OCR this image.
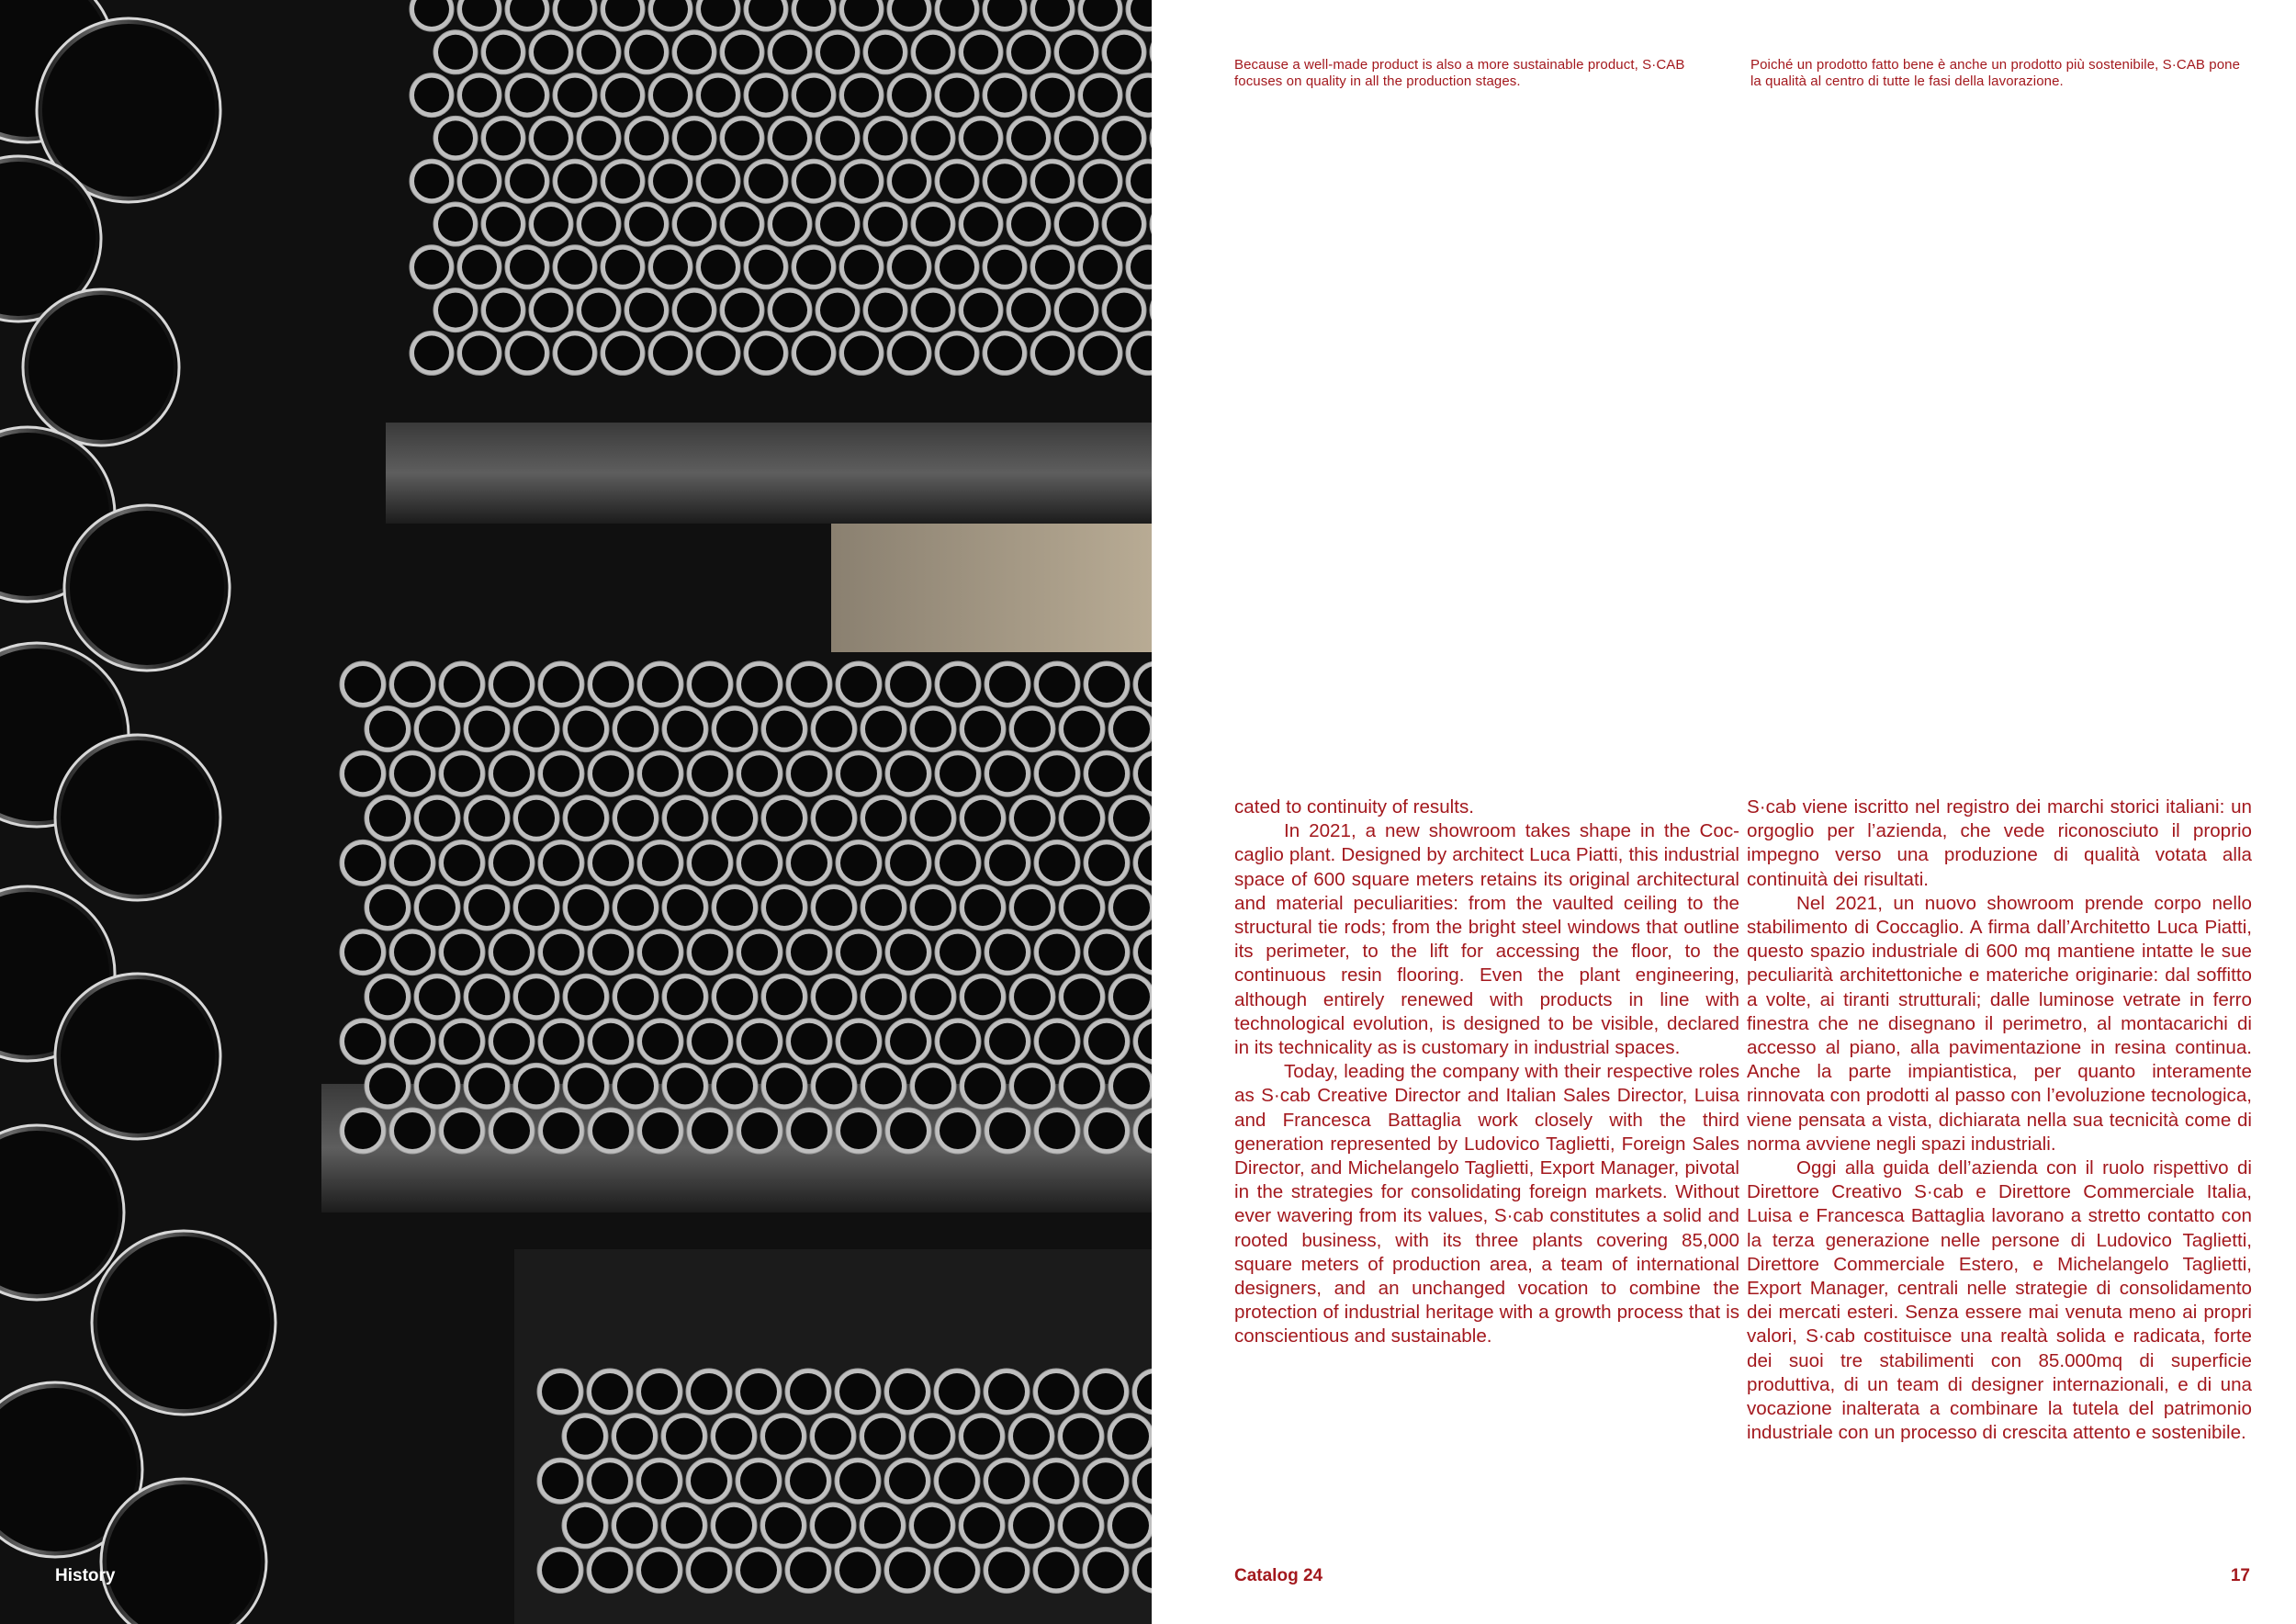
History

Because a well-made product is also a more sustainable product, S·CAB focuses on quality in all the production stages.

Poiché un prodotto fatto bene è anche un prodotto più sostenibile, S·CAB pone la qualità al centro di tutte le fasi della lavorazione.

cated to continuity of results.

In 2021, a new showroom takes shape in the Coccaglio plant. Designed by architect Luca Piatti, this industrial space of 600 square meters retains its original architectural and material peculiarities: from the vaulted ceiling to the structural tie rods; from the bright steel windows that outline its perimeter, to the lift for accessing the floor, to the continuous resin flooring. Even the plant engineering, although entirely renewed with products in line with technological evolution, is designed to be visible, declared in its technicality as is customary in industrial spaces.

Today, leading the company with their respective roles as S·cab Creative Director and Italian Sales Director, Luisa and Francesca Battaglia work closely with the third generation represented by Ludovico Taglietti, Foreign Sales Director, and Michelangelo Taglietti, Export Manager, pivotal in the strategies for consolidating foreign markets. Without ever wavering from its values, S·cab constitutes a solid and rooted business, with its three plants covering 85,000 square meters of production area, a team of international designers, and an unchanged vocation to combine the protection of industrial heritage with a growth process that is conscientious and sustainable.

S·cab viene iscritto nel registro dei marchi storici italiani: un orgoglio per l’azienda, che vede riconosciuto il proprio impegno verso una produzione di qualità votata alla continuità dei risultati.

Nel 2021, un nuovo showroom prende corpo nello stabilimento di Coccaglio. A firma dall’Architetto Luca Piatti, questo spazio industriale di 600 mq mantiene intatte le sue peculiarità architettoniche e materiche originarie: dal soffitto a volte, ai tiranti strutturali; dalle luminose vetrate in ferro finestra che ne disegnano il perimetro, al montacarichi di accesso al piano, alla pavimentazione in resina continua. Anche la parte impiantistica, per quanto interamente rinnovata con prodotti al passo con l’evoluzione tecnologica, viene pensata a vista, dichiarata nella sua tecnicità come di norma avviene negli spazi industriali.

Oggi alla guida dell’azienda con il ruolo rispettivo di Direttore Creativo S·cab e Direttore Commerciale Italia, Luisa e Francesca Battaglia lavorano a stretto contatto con la terza generazione nelle persone di Ludovico Taglietti, Direttore Commerciale Estero, e Michelangelo Taglietti, Export Manager, centrali nelle strategie di consolidamento dei mercati esteri. Senza essere mai venuta meno ai propri valori, S·cab costituisce una realtà solida e radicata, forte dei suoi tre stabilimenti con 85.000mq di superficie produttiva, di un team di designer internazionali, e di una vocazione inalterata a combinare la tutela del patrimonio industriale con un processo di crescita attento e sostenibile.

Catalog 24	17
